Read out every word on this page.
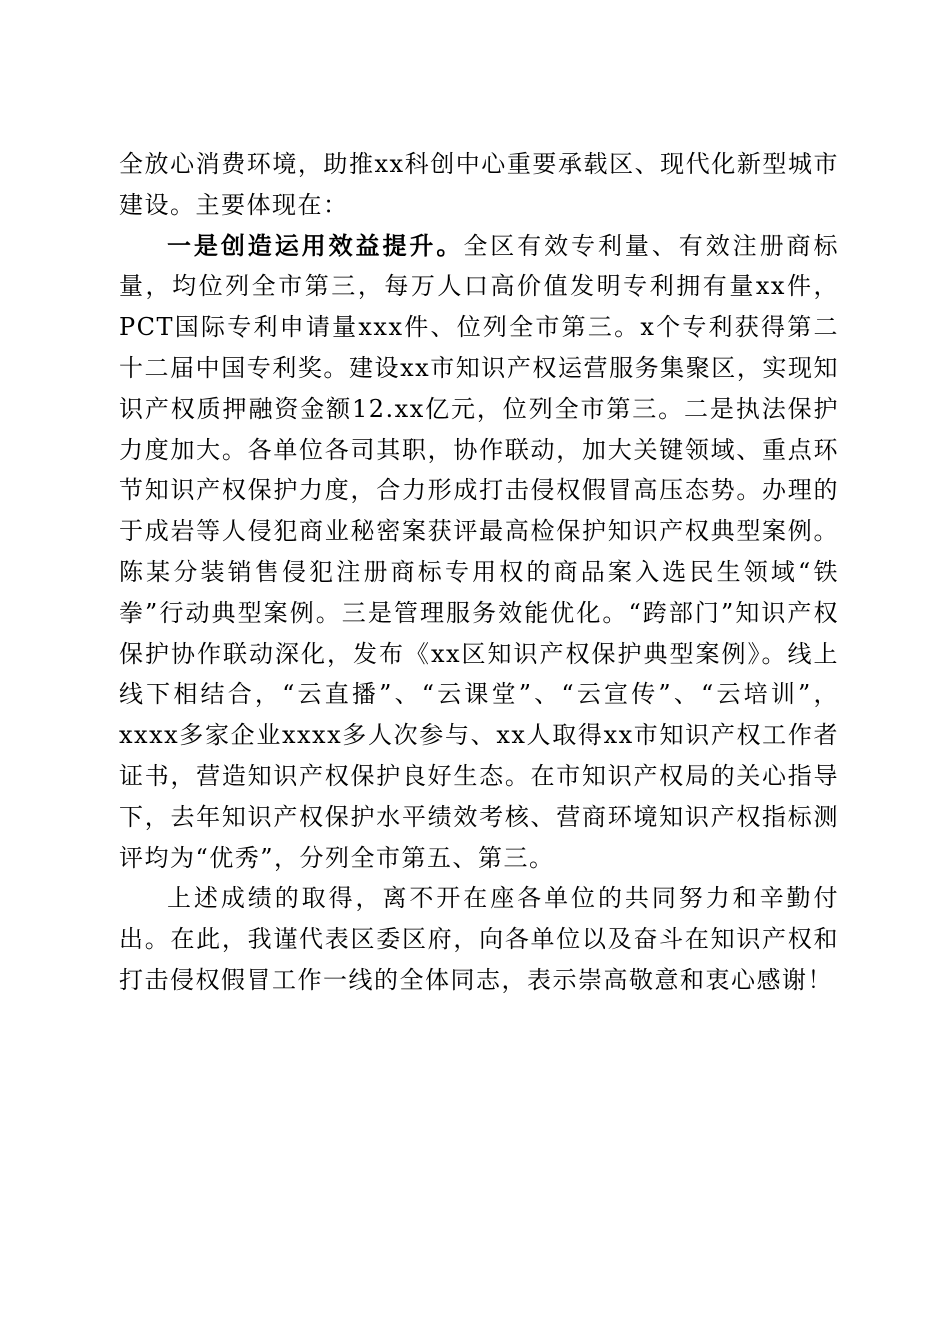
全放心消费环境，助推xx科创中心重要承载区、现代化新型城市建设。主要体现在：

一是创造运用效益提升。全区有效专利量、有效注册商标量，均位列全市第三，每万人口高价值发明专利拥有量xx件，PCT国际专利申请量xxx件、位列全市第三。x个专利获得第二十二届中国专利奖。建设xx市知识产权运营服务集聚区，实现知识产权质押融资金额12.xx亿元，位列全市第三。二是执法保护力度加大。各单位各司其职，协作联动，加大关键领域、重点环节知识产权保护力度，合力形成打击侵权假冒高压态势。办理的于成岩等人侵犯商业秘密案获评最高检保护知识产权典型案例。陈某分装销售侵犯注册商标专用权的商品案入选民生领域“铁拳”行动典型案例。三是管理服务效能优化。“跨部门”知识产权保护协作联动深化，发布《xx区知识产权保护典型案例》。线上线下相结合，“云直播”、“云课堂”、“云宣传”、“云培训”，xxxx多家企业xxxx多人次参与、xx人取得xx市知识产权工作者证书，营造知识产权保护良好生态。在市知识产权局的关心指导下，去年知识产权保护水平绩效考核、营商环境知识产权指标测评均为“优秀”，分列全市第五、第三。

上述成绩的取得，离不开在座各单位的共同努力和辛勤付出。在此，我谨代表区委区府，向各单位以及奋斗在知识产权和打击侵权假冒工作一线的全体同志，表示崇高敬意和衷心感谢！
